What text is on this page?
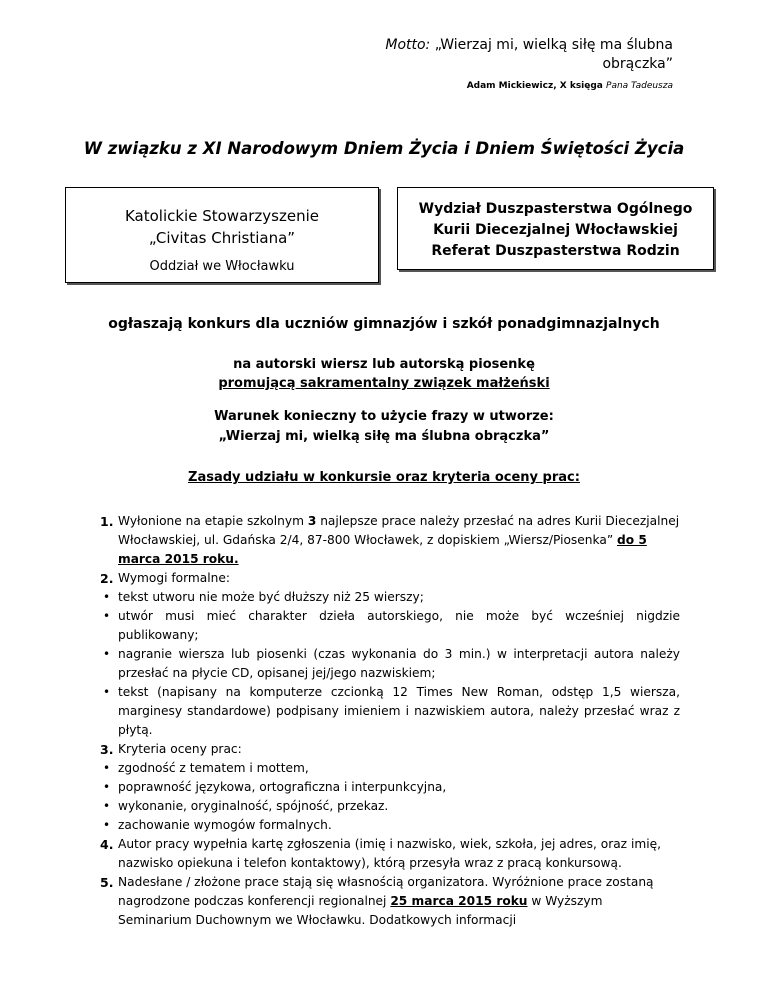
Motto: „Wierzaj mi, wielką siłę ma ślubna obrączka”
Adam Mickiewicz, X księga Pana Tadeusza
W związku z XI Narodowym Dniem Życia i Dniem Świętości Życia
Katolickie Stowarzyszenie
„Civitas Christiana”
Oddział we Włocławku
Wydział Duszpasterstwa Ogólnego
Kurii Diecezjalnej Włocławskiej
Referat Duszpasterstwa Rodzin
ogłaszają konkurs dla uczniów gimnazjów i szkół ponadgimnazjalnych
na autorski wiersz lub autorską piosenkę
promującą sakramentalny związek małżeński
Warunek konieczny to użycie frazy w utworze:
„Wierzaj mi, wielką siłę ma ślubna obrączka”
Zasady udziału w konkursie oraz kryteria oceny prac:
1. Wyłonione na etapie szkolnym 3 najlepsze prace należy przesłać na adres Kurii Diecezjalnej Włocławskiej, ul. Gdańska 2/4, 87-800 Włocławek, z dopiskiem „Wiersz/Piosenka” do 5 marca 2015 roku.
2. Wymogi formalne:
• tekst utworu nie może być dłuższy niż 25 wierszy;
• utwór musi mieć charakter dzieła autorskiego, nie może być wcześniej nigdzie publikowany;
• nagranie wiersza lub piosenki (czas wykonania do 3 min.) w interpretacji autora należy przesłać na płycie CD, opisanej jej/jego nazwiskiem;
• tekst (napisany na komputerze czcionką 12 Times New Roman, odstęp 1,5 wiersza, marginesy standardowe) podpisany imieniem i nazwiskiem autora, należy przesłać wraz z płytą.
3. Kryteria oceny prac:
• zgodność z tematem i mottem,
• poprawność językowa, ortograficzna i interpunkcyjna,
• wykonanie, oryginalność, spójność, przekaz.
• zachowanie wymogów formalnych.
4. Autor pracy wypełnia kartę zgłoszenia (imię i nazwisko, wiek, szkoła, jej adres, oraz imię, nazwisko opiekuna i telefon kontaktowy), którą przesyła wraz z pracą konkursową.
5. Nadesłane / złożone prace stają się własnością organizatora. Wyróżnione prace zostaną nagrodzone podczas konferencji regionalnej 25 marca 2015 roku w Wyższym Seminarium Duchownym we Włocławku. Dodatkowych informacji
